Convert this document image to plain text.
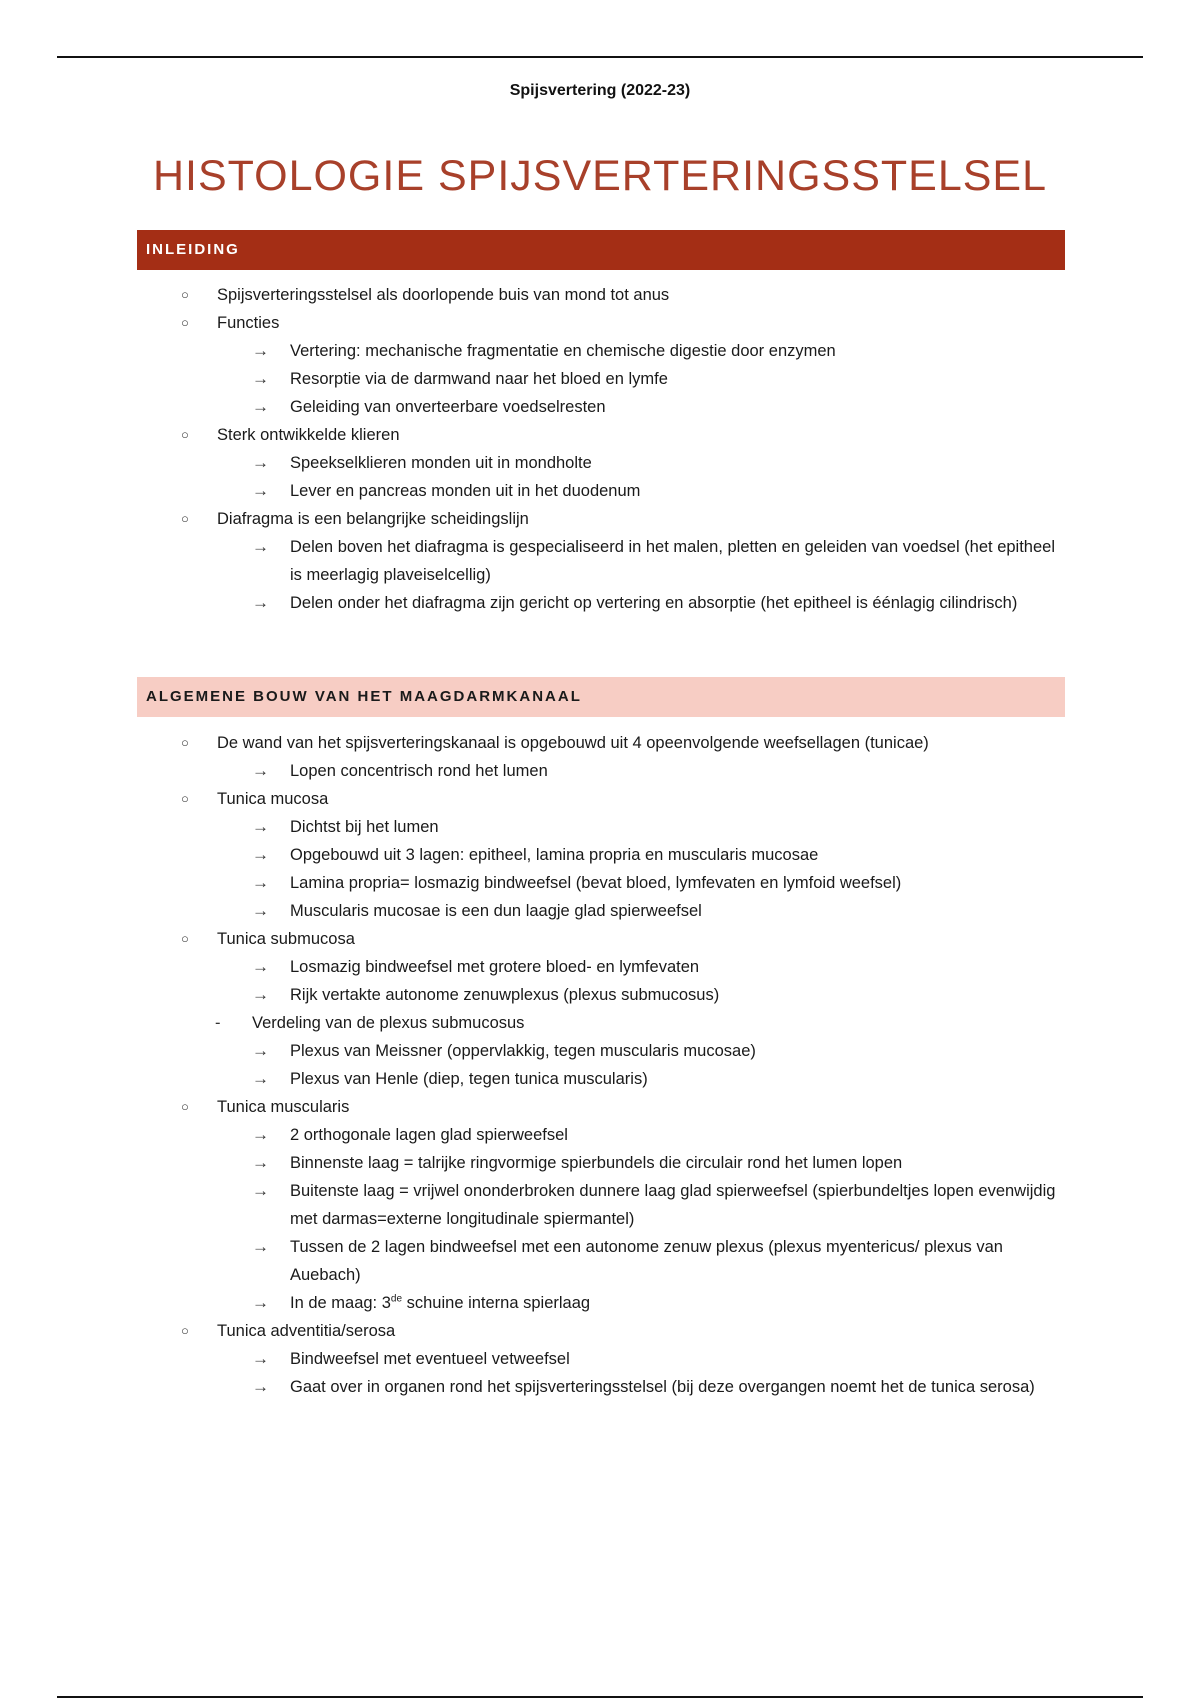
Spijsvertering (2022-23)
HISTOLOGIE SPIJSVERTERINGSSTELSEL
INLEIDING
○ Spijsverteringsstelsel als doorlopende buis van mond tot anus
○ Functies
→ Vertering: mechanische fragmentatie en chemische digestie door enzymen
→ Resorptie via de darmwand naar het bloed en lymfe
→ Geleiding van onverteerbare voedselresten
○ Sterk ontwikkelde klieren
→ Speekselklieren monden uit in mondholte
→ Lever en pancreas monden uit in het duodenum
○ Diafragma is een belangrijke scheidingslijn
→ Delen boven het diafragma is gespecialiseerd in het malen, pletten en geleiden van voedsel (het epitheel is meerlagig plaveiselcellig)
→ Delen onder het diafragma zijn gericht op vertering en absorptie (het epitheel is éénlagig cilindrisch)
ALGEMENE BOUW VAN HET MAAGDARMKANAAL
○ De wand van het spijsverteringskanaal is opgebouwd uit 4 opeenvolgende weefsellagen (tunicae)
→ Lopen concentrisch rond het lumen
○ Tunica mucosa
→ Dichtst bij het lumen
→ Opgebouwd uit 3 lagen: epitheel, lamina propria en muscularis mucosae
→ Lamina propria= losmazig bindweefsel (bevat bloed, lymfevaten en lymfoid weefsel)
→ Muscularis mucosae is een dun laagje glad spierweefsel
○ Tunica submucosa
→ Losmazig bindweefsel met grotere bloed- en lymfevaten
→ Rijk vertakte autonome zenuwplexus (plexus submucosus)
- Verdeling van de plexus submucosus
→ Plexus van Meissner (oppervlakkig, tegen muscularis mucosae)
→ Plexus van Henle (diep, tegen tunica muscularis)
○ Tunica muscularis
→ 2 orthogonale lagen glad spierweefsel
→ Binnenste laag = talrijke ringvormige spierbundels die circulair rond het lumen lopen
→ Buitenste laag = vrijwel ononderbroken dunnere laag glad spierweefsel (spierbundeltjes lopen evenwijdig met darmas=externe longitudinale spiermantel)
→ Tussen de 2 lagen bindweefsel met een autonome zenuw plexus (plexus myentericus/ plexus van Auebach)
→ In de maag: 3de schuine interna spierlaag
○ Tunica adventitia/serosa
→ Bindweefsel met eventueel vetweefsel
→ Gaat over in organen rond het spijsverteringsstelsel (bij deze overgangen noemt het de tunica serosa)
